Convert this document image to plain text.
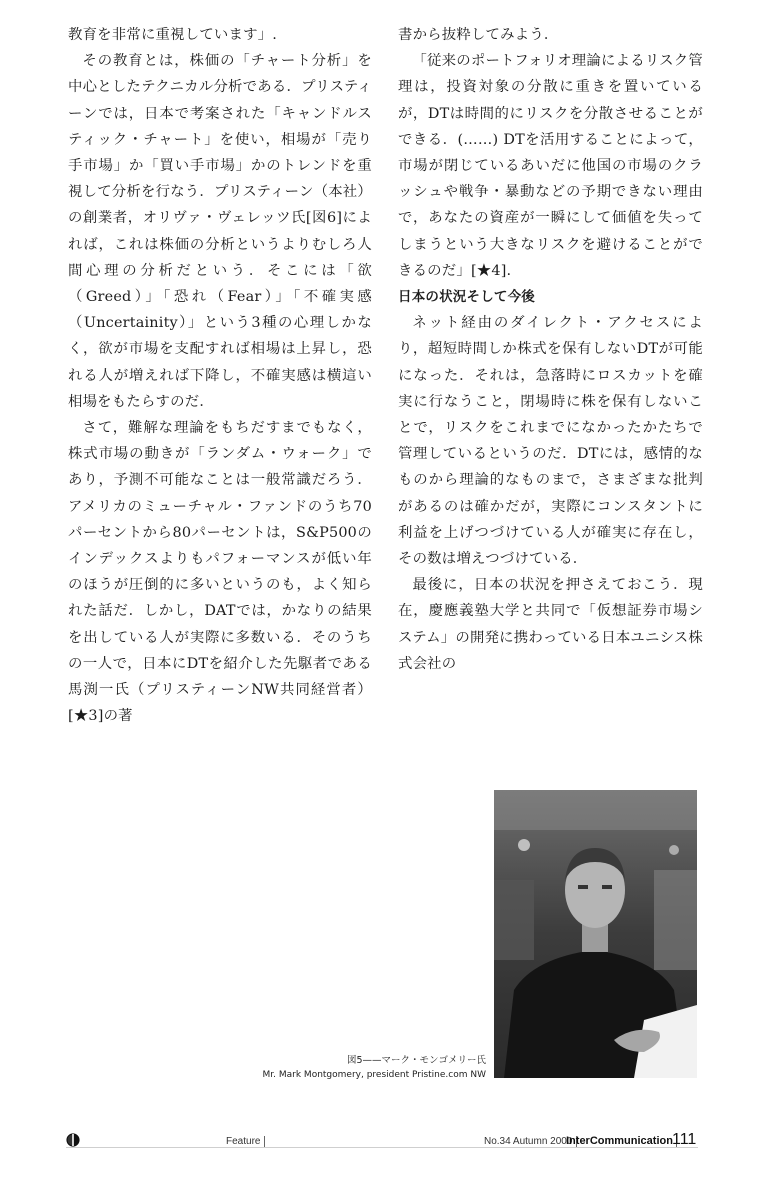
教育を非常に重視しています」.

その教育とは，株価の「チャート分析」を中心としたテクニカル分析である．プリスティーンでは，日本で考案された「キャンドルスティック・チャート」を使い，相場が「売り手市場」か「買い手市場」かのトレンドを重視して分析を行なう．プリスティーン（本社）の創業者，オリヴァ・ヴェレッツ氏[図6]によれば，これは株価の分析というよりむしろ人間心理の分析だという．そこには「欲（Greed）」「恐れ（Fear）」「不確実感（Uncertainity）」という3種の心理しかなく，欲が市場を支配すれば相場は上昇し，恐れる人が増えれば下降し，不確実感は横這い相場をもたらすのだ．

さて，難解な理論をもちだすまでもなく，株式市場の動きが「ランダム・ウォーク」であり，予測不可能なことは一般常識だろう．アメリカのミューチャル・ファンドのうち70パーセントから80パーセントは，S&P500のインデックスよりもパフォーマンスが低い年のほうが圧倒的に多いというのも，よく知られた話だ．しかし，DATでは，かなりの結果を出している人が実際に多数いる．そのうちの一人で，日本にDTを紹介した先駆者である馬渕一氏（プリスティーンNW共同経営者）[★3]の著

書から抜粋してみよう．

「従来のポートフォリオ理論によるリスク管理は，投資対象の分散に重きを置いているが，DTは時間的にリスクを分散させることができる．(……) DTを活用することによって，市場が閉じているあいだに他国の市場のクラッシュや戦争・暴動などの予期できない理由で，あなたの資産が一瞬にして価値を失ってしまうという大きなリスクを避けることができるのだ」[★4].

日本の状況そして今後

ネット経由のダイレクト・アクセスにより，超短時間しか株式を保有しないDTが可能になった．それは，急落時にロスカットを確実に行なうこと，閉場時に株を保有しないことで，リスクをこれまでになかったかたちで管理しているというのだ．DTには，感情的なものから理論的なものまで，さまざまな批判があるのは確かだが，実際にコンスタントに利益を上げつづけている人が確実に存在し，その数は増えつづけている．

最後に，日本の状況を押さえておこう．現在，慶應義塾大学と共同で「仮想証券市場システム」の開発に携わっている日本ユニシス株式会社の

図5——マーク・モンゴメリー氏
Mr. Mark Montgomery, president Pristine.com NW
Feature	No.34 Autumn 2000
InterCommunication 111
